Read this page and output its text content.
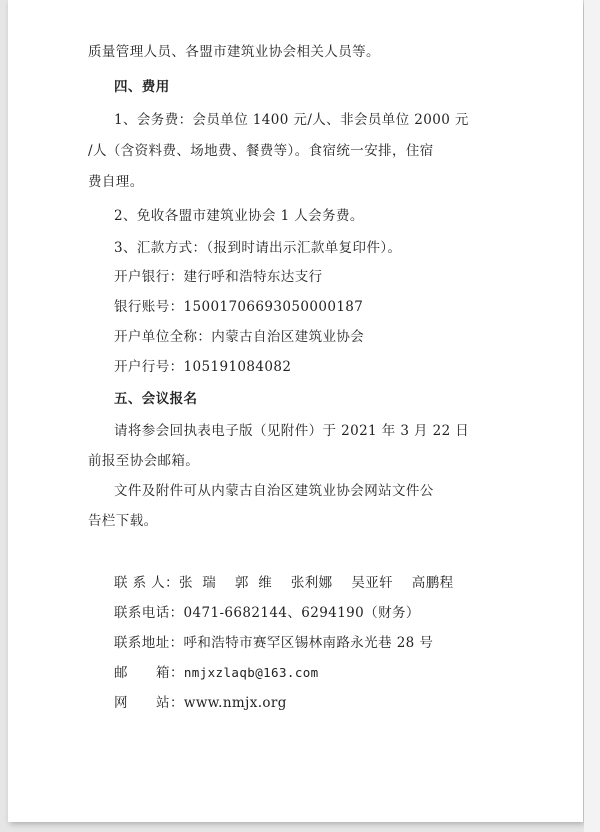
质量管理人员、各盟市建筑业协会相关人员等。
四、费用
1、会务费：会员单位 1400 元/人、非会员单位 2000 元
/人（含资料费、场地费、餐费等）。食宿统一安排，住宿
费自理。
2、免收各盟市建筑业协会 1 人会务费。
3、汇款方式：（报到时请出示汇款单复印件）。
开户银行：建行呼和浩特东达支行
银行账号：15001706693050000187
开户单位全称：内蒙古自治区建筑业协会
开户行号：105191084082
五、会议报名
请将参会回执表电子版（见附件）于 2021 年 3 月 22 日
前报至协会邮箱。
文件及附件可从内蒙古自治区建筑业协会网站文件公
告栏下载。
联 系 人：张  瑞    郭  维    张利娜    吴亚轩    高鹏程
联系电话：0471-6682144、6294190（财务）
联系地址：呼和浩特市赛罕区锡林南路永光巷 28 号
邮      箱：nmjxzlaqb@163.com
网      站：www.nmjx.org
